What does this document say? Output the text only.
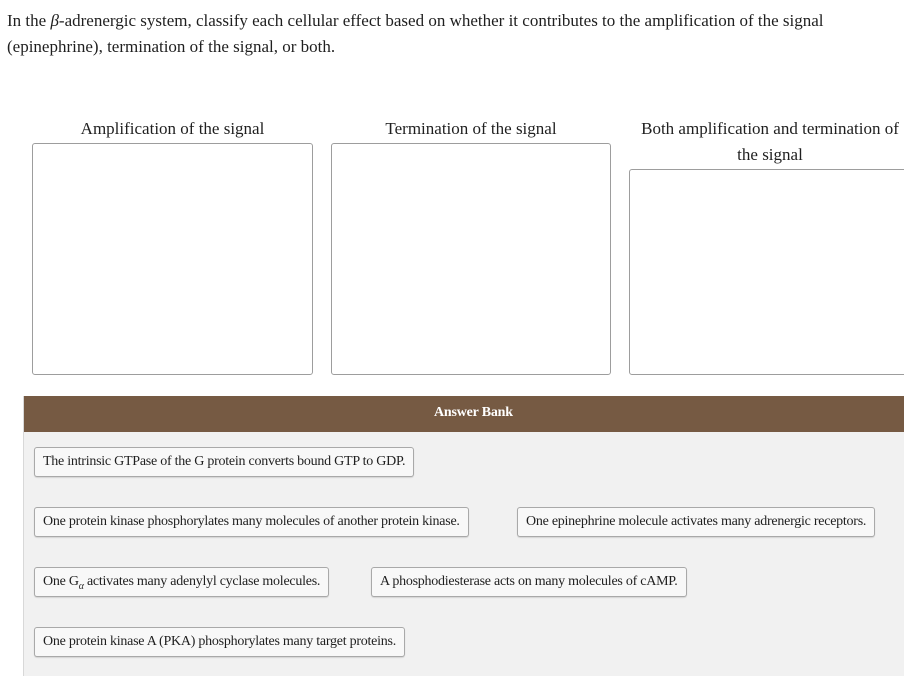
In the β-adrenergic system, classify each cellular effect based on whether it contributes to the amplification of the signal (epinephrine), termination of the signal, or both.
Amplification of the signal	Termination of the signal	Both amplification and termination of
the signal
Answer Bank
The intrinsic GTPase of the G protein converts bound GTP to GDP.
One protein kinase phosphorylates many molecules of another protein kinase.	One epinephrine molecule activates many adrenergic receptors.
One $G_\alpha$ activates many adenylyl cyclase molecules.	A phosphodiesterase acts on many molecules of cAMP.
One protein kinase A (PKA) phosphorylates many target proteins.
